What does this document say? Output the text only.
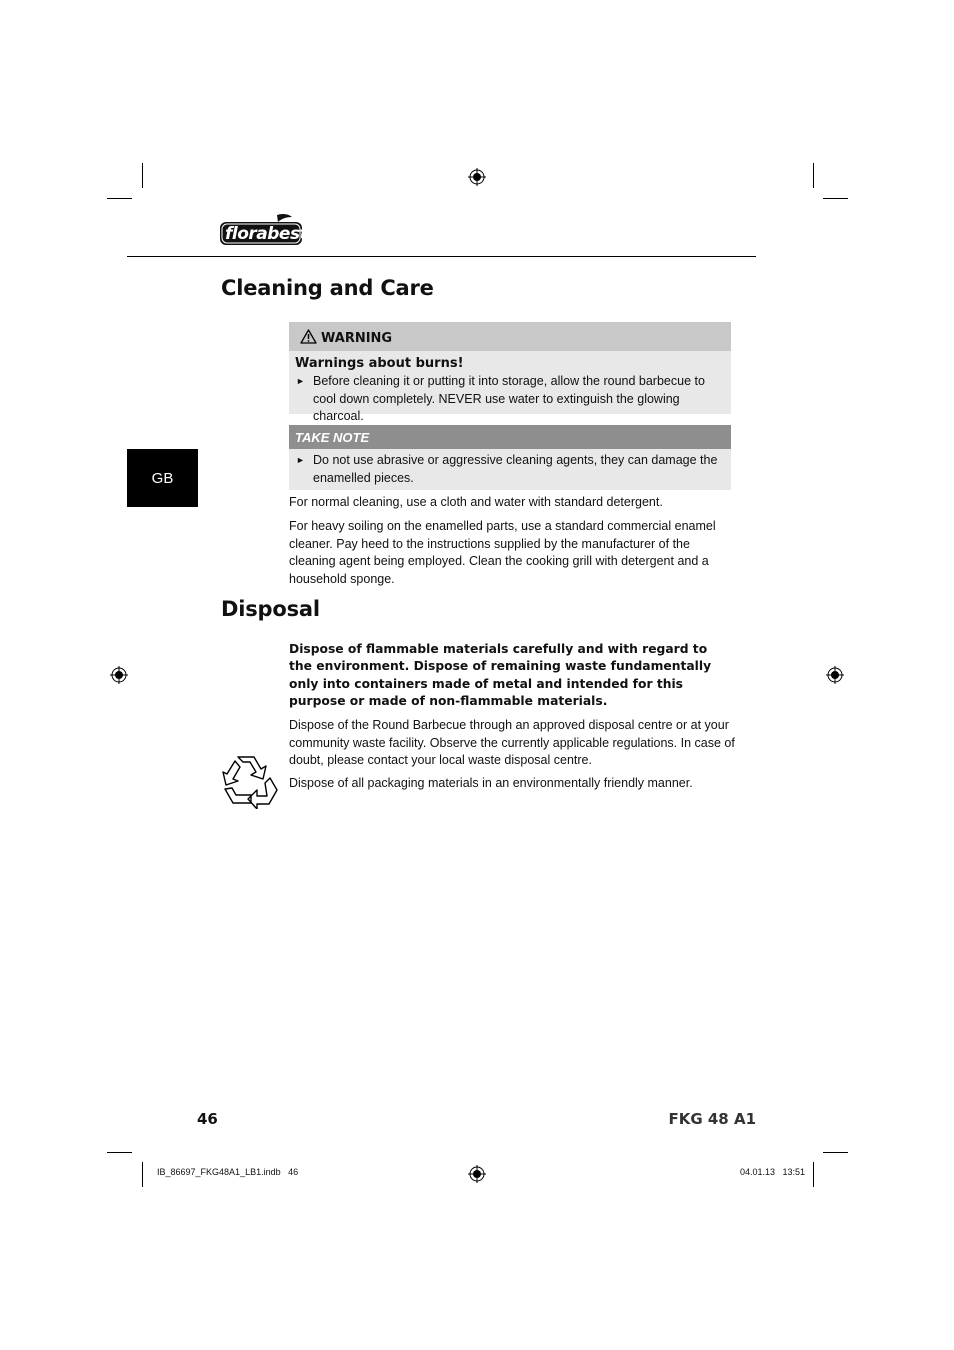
florabest
Cleaning and Care
WARNING
Warnings about burns!
► Before cleaning it or putting it into storage, allow the round barbecue to cool down completely. NEVER use water to extinguish the glowing charcoal.
TAKE NOTE
► Do not use abrasive or aggressive cleaning agents, they can damage the enamelled pieces.
GB

For normal cleaning, use a cloth and water with standard detergent.

For heavy soiling on the enamelled parts, use a standard commercial enamel cleaner. Pay heed to the instructions supplied by the manufacturer of the cleaning agent being employed. Clean the cooking grill with detergent and a household sponge.

Disposal

Dispose of flammable materials carefully and with regard to the environment. Dispose of remaining waste fundamentally only into containers made of metal and intended for this purpose or made of non-flammable materials.

Dispose of the Round Barbecue through an approved disposal centre or at your community waste facility. Observe the currently applicable regulations. In case of doubt, please contact your local waste disposal centre.

Dispose of all packaging materials in an environmentally friendly manner.

46	FKG 48 A1
IB_86697_FKG48A1_LB1.indb   46	04.01.13   13:51
